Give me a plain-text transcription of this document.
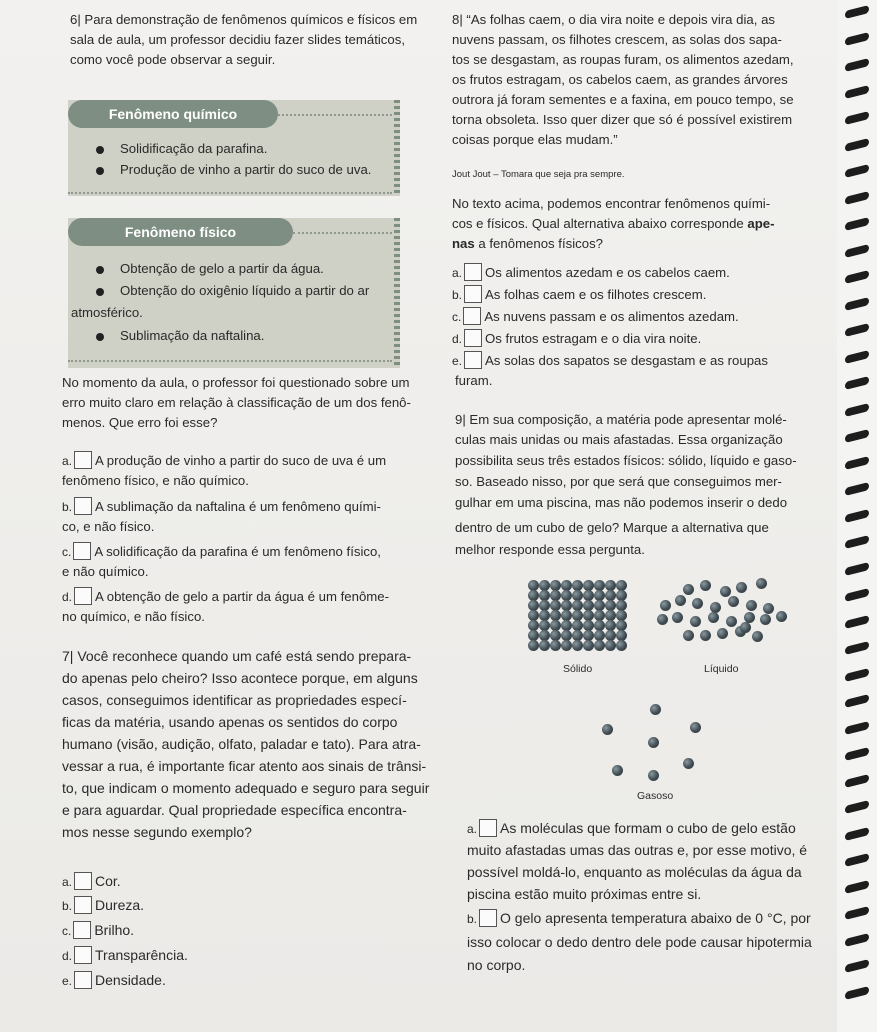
6| Para demonstração de fenômenos químicos e físicos em
sala de aula, um professor decidiu fazer slides temáticos,
como você pode observar a seguir.
Fenômeno químico
Solidificação da parafina.
Produção de vinho a partir do suco de uva.
Fenômeno físico
Obtenção de gelo a partir da água.
Obtenção do oxigênio líquido a partir do ar
atmosférico.
Sublimação da naftalina.
No momento da aula, o professor foi questionado sobre um
erro muito claro em relação à classificação de um dos fenô-
menos. Que erro foi esse?
a. A produção de vinho a partir do suco de uva é um
fenômeno físico, e não químico.
b. A sublimação da naftalina é um fenômeno quími-
co, e não físico.
c. A solidificação da parafina é um fenômeno físico,
e não químico.
d. A obtenção de gelo a partir da água é um fenôme-
no químico, e não físico.
7| Você reconhece quando um café está sendo prepara-
do apenas pelo cheiro? Isso acontece porque, em alguns
casos, conseguimos identificar as propriedades especí-
ficas da matéria, usando apenas os sentidos do corpo
humano (visão, audição, olfato, paladar e tato). Para atra-
vessar a rua, é importante ficar atento aos sinais de trânsi-
to, que indicam o momento adequado e seguro para seguir
e para aguardar. Qual propriedade específica encontra-
mos nesse segundo exemplo?
a. Cor.
b. Dureza.
c. Brilho.
d. Transparência.
e. Densidade.
8| “As folhas caem, o dia vira noite e depois vira dia, as
nuvens passam, os filhotes crescem, as solas dos sapa-
tos se desgastam, as roupas furam, os alimentos azedam,
os frutos estragam, os cabelos caem, as grandes árvores
outrora já foram sementes e a faxina, em pouco tempo, se
torna obsoleta. Isso quer dizer que só é possível existirem
coisas porque elas mudam.”
Jout Jout – Tomara que seja pra sempre.
No texto acima, podemos encontrar fenômenos quími-
cos e físicos. Qual alternativa abaixo corresponde ape-
nas a fenômenos físicos?
a. Os alimentos azedam e os cabelos caem.
b. As folhas caem e os filhotes crescem.
c. As nuvens passam e os alimentos azedam.
d. Os frutos estragam e o dia vira noite.
e. As solas dos sapatos se desgastam e as roupas
furam.
9| Em sua composição, a matéria pode apresentar molé-
culas mais unidas ou mais afastadas. Essa organização
possibilita seus três estados físicos: sólido, líquido e gaso-
so. Baseado nisso, por que será que conseguimos mer-
gulhar em uma piscina, mas não podemos inserir o dedo
dentro de um cubo de gelo? Marque a alternativa que
melhor responde essa pergunta.
Sólido	Líquido
Gasoso
a. As moléculas que formam o cubo de gelo estão
muito afastadas umas das outras e, por esse motivo, é
possível moldá-lo, enquanto as moléculas da água da
piscina estão muito próximas entre si.
b. O gelo apresenta temperatura abaixo de 0 °C, por
isso colocar o dedo dentro dele pode causar hipotermia
no corpo.
